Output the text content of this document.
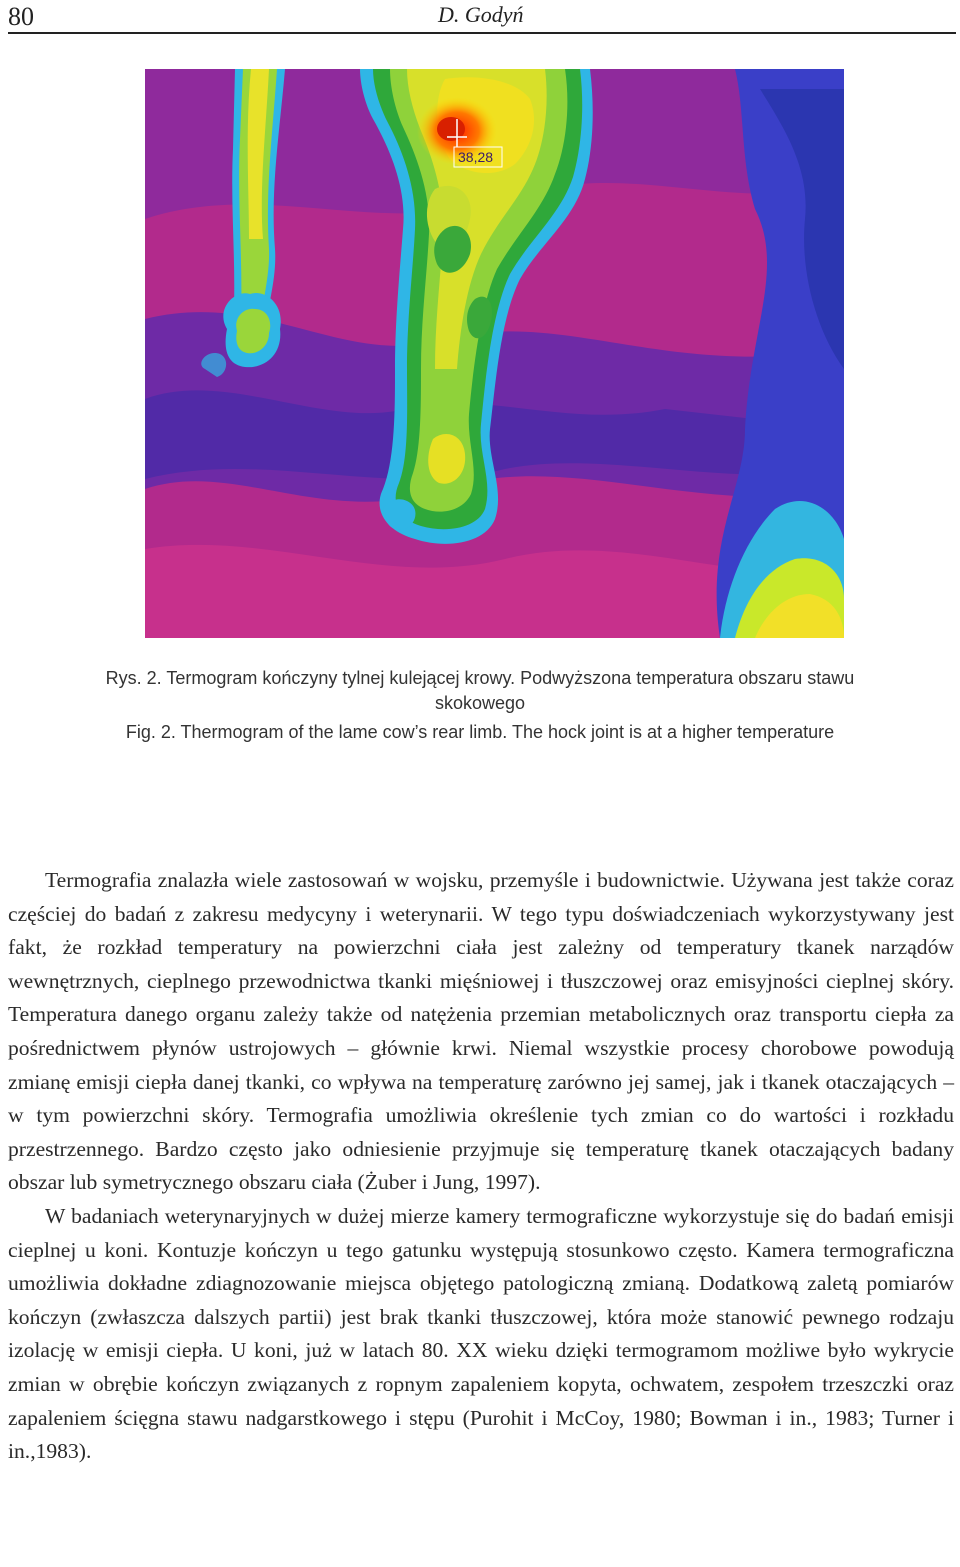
80	D. Godyń
38,28
Rys. 2. Termogram kończyny tylnej kulejącej krowy. Podwyższona temperatura obszaru stawu
skokowego
Fig. 2. Thermogram of the lame cow’s rear limb. The hock joint is at a higher temperature

Termografia znalazła wiele zastosowań w wojsku, przemyśle i budownictwie. Używana jest także coraz częściej do badań z zakresu medycyny i weterynarii. W tego typu doświadczeniach wykorzystywany jest fakt, że rozkład temperatury na powierzchni ciała jest zależny od temperatury tkanek narządów wewnętrznych, cieplnego przewodnictwa tkanki mięśniowej i tłuszczowej oraz emisyjności cieplnej skóry. Temperatura danego organu zależy także od natężenia przemian metabolicznych oraz transportu ciepła za pośrednictwem płynów ustrojowych – głównie krwi. Niemal wszystkie procesy chorobowe powodują zmianę emisji ciepła danej tkanki, co wpływa na temperaturę zarówno jej samej, jak i tkanek otaczających – w tym powierzchni skóry. Termografia umożliwia określenie tych zmian co do wartości i rozkładu przestrzennego. Bardzo często jako odniesienie przyjmuje się temperaturę tkanek otaczających badany obszar lub symetrycznego obszaru ciała (Żuber i Jung, 1997).

W badaniach weterynaryjnych w dużej mierze kamery termograficzne wykorzystuje się do badań emisji cieplnej u koni. Kontuzje kończyn u tego gatunku występują stosunkowo często. Kamera termograficzna umożliwia dokładne zdiagnozowanie miejsca objętego patologiczną zmianą. Dodatkową zaletą pomiarów kończyn (zwłaszcza dalszych partii) jest brak tkanki tłuszczowej, która może stanowić pewnego rodzaju izolację w emisji ciepła. U koni, już w latach 80. XX wieku dzięki termogramom możliwe było wykrycie zmian w obrębie kończyn związanych z ropnym zapaleniem kopyta, ochwatem, zespołem trzeszczki oraz zapaleniem ścięgna stawu nadgarstkowego i stępu (Purohit i McCoy, 1980; Bowman i in., 1983; Turner i in.,1983).
